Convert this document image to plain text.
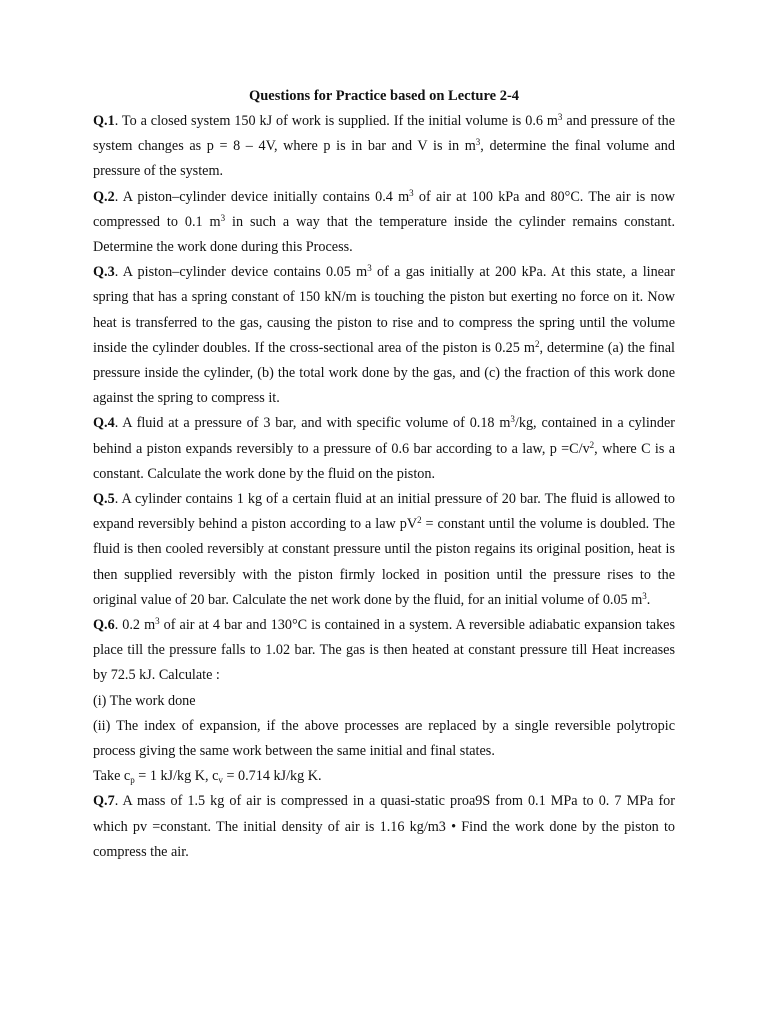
Questions for Practice based on Lecture 2-4

Q.1. To a closed system 150 kJ of work is supplied. If the initial volume is 0.6 $m^3$ and pressure of the system changes as p = 8 – 4V, where p is in bar and V is in $m^3$, determine the final volume and pressure of the system.

Q.2. A piston–cylinder device initially contains 0.4 $m^3$ of air at 100 kPa and 80°C. The air is now compressed to 0.1 $m^3$ in such a way that the temperature inside the cylinder remains constant. Determine the work done during this Process.

Q.3. A piston–cylinder device contains 0.05 $m^3$ of a gas initially at 200 kPa. At this state, a linear spring that has a spring constant of 150 kN/m is touching the piston but exerting no force on it. Now heat is transferred to the gas, causing the piston to rise and to compress the spring until the volume inside the cylinder doubles. If the cross-sectional area of the piston is 0.25 $m^2$, determine (a) the final pressure inside the cylinder, (b) the total work done by the gas, and (c) the fraction of this work done against the spring to compress it.

Q.4. A fluid at a pressure of 3 bar, and with specific volume of 0.18 $m^3/kg$, contained in a cylinder behind a piston expands reversibly to a pressure of 0.6 bar according to a law, $p =C/v^2$, where C is a constant. Calculate the work done by the fluid on the piston.

Q.5. A cylinder contains 1 kg of a certain fluid at an initial pressure of 20 bar. The fluid is allowed to expand reversibly behind a piston according to a law $pV^2$ = constant until the volume is doubled. The fluid is then cooled reversibly at constant pressure until the piston regains its original position, heat is then supplied reversibly with the piston firmly locked in position until the pressure rises to the original value of 20 bar. Calculate the net work done by the fluid, for an initial volume of 0.05 $m^3$.

Q.6. 0.2 $m^3$ of air at 4 bar and 130°C is contained in a system. A reversible adiabatic expansion takes place till the pressure falls to 1.02 bar. The gas is then heated at constant pressure till Heat increases by 72.5 kJ. Calculate :

(i) The work done

(ii) The index of expansion, if the above processes are replaced by a single reversible polytropic process giving the same work between the same initial and final states.

Take $c_p = 1$ kJ/kg K, $c_v = 0.714$ kJ/kg K.

Q.7. A mass of 1.5 kg of air is compressed in a quasi-static proa9S from 0.1 MPa to 0. 7 MPa for which pv =constant. The initial density of air is 1.16 kg/m3 • Find the work done by the piston to compress the air.
